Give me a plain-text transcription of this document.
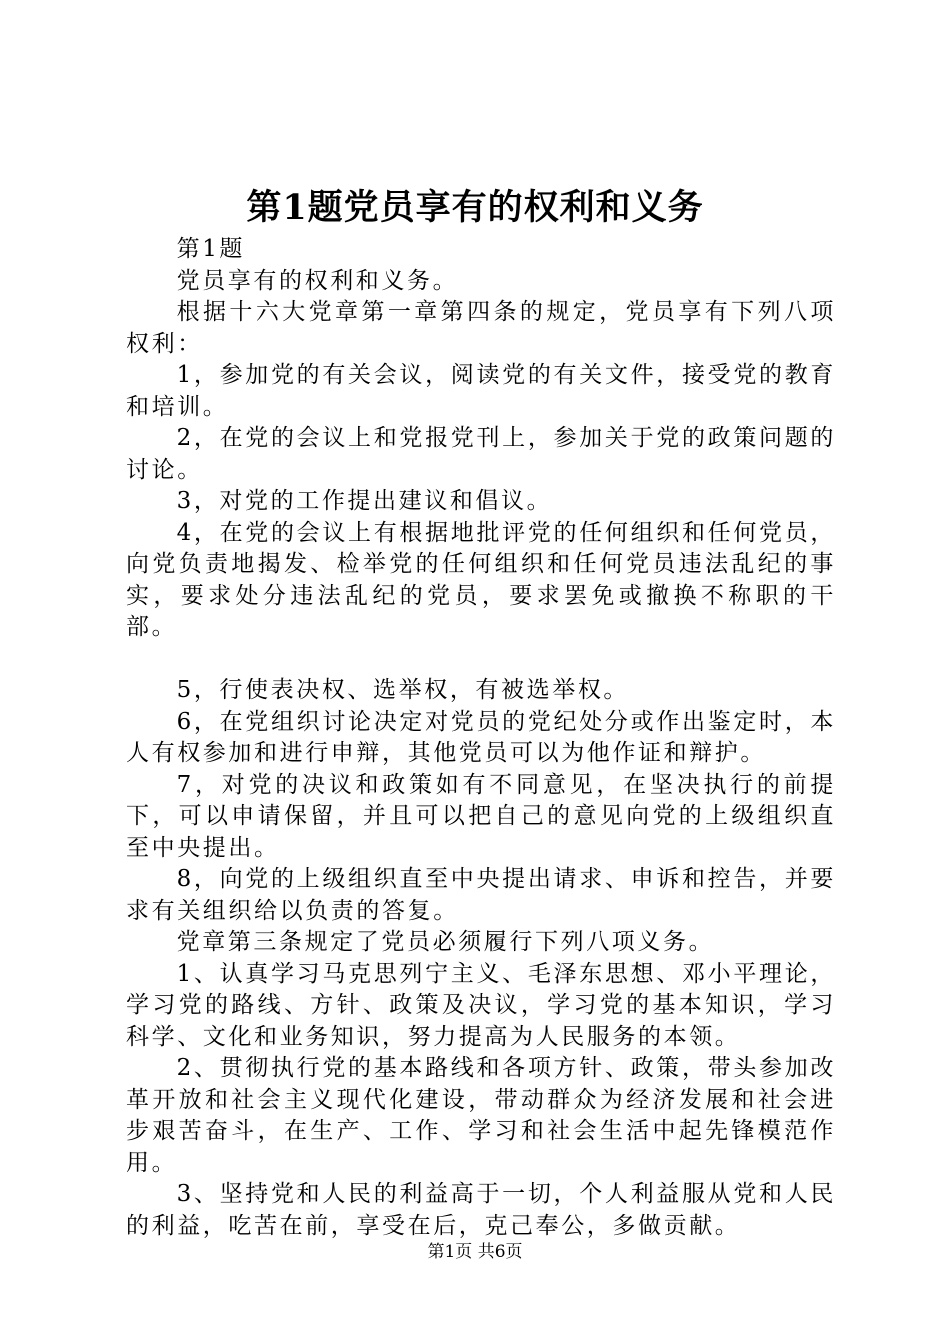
第1题党员享有的权利和义务

第1题

党员享有的权利和义务。

根据十六大党章第一章第四条的规定，党员享有下列八项权利：

1，参加党的有关会议，阅读党的有关文件，接受党的教育和培训。

2，在党的会议上和党报党刊上，参加关于党的政策问题的讨论。

3，对党的工作提出建议和倡议。

4，在党的会议上有根据地批评党的任何组织和任何党员，向党负责地揭发、检举党的任何组织和任何党员违法乱纪的事实，要求处分违法乱纪的党员，要求罢免或撤换不称职的干部。

5，行使表决权、选举权，有被选举权。

6，在党组织讨论决定对党员的党纪处分或作出鉴定时，本人有权参加和进行申辩，其他党员可以为他作证和辩护。

7，对党的决议和政策如有不同意见，在坚决执行的前提下，可以申请保留，并且可以把自己的意见向党的上级组织直至中央提出。

8，向党的上级组织直至中央提出请求、申诉和控告，并要求有关组织给以负责的答复。

党章第三条规定了党员必须履行下列八项义务。

1、认真学习马克思列宁主义、毛泽东思想、邓小平理论，学习党的路线、方针、政策及决议，学习党的基本知识，学习科学、文化和业务知识，努力提高为人民服务的本领。

2、贯彻执行党的基本路线和各项方针、政策，带头参加改革开放和社会主义现代化建设，带动群众为经济发展和社会进步艰苦奋斗，在生产、工作、学习和社会生活中起先锋模范作用。

3、坚持党和人民的利益高于一切，个人利益服从党和人民的利益，吃苦在前，享受在后，克己奉公，多做贡献。

第1页 共6页
